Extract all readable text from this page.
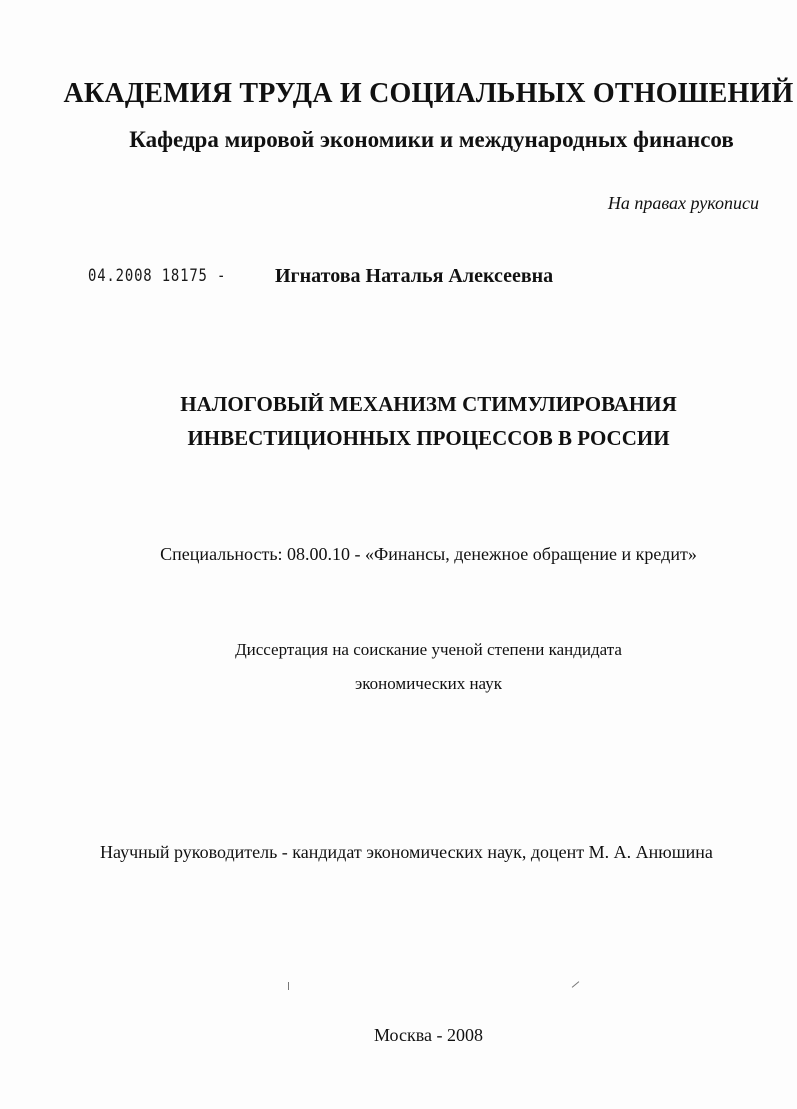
АКАДЕМИЯ ТРУДА И СОЦИАЛЬНЫХ ОТНОШЕНИЙ
Кафедра мировой экономики и международных финансов
На правах рукописи
04.2008 18175 - Игнатова Наталья Алексеевна
НАЛОГОВЫЙ МЕХАНИЗМ СТИМУЛИРОВАНИЯ
ИНВЕСТИЦИОННЫХ ПРОЦЕССОВ В РОССИИ
Специальность: 08.00.10 - «Финансы, денежное обращение и кредит»
Диссертация на соискание ученой степени кандидата
экономических наук
Научный руководитель - кандидат экономических наук, доцент М. А. Анюшина
Москва - 2008
